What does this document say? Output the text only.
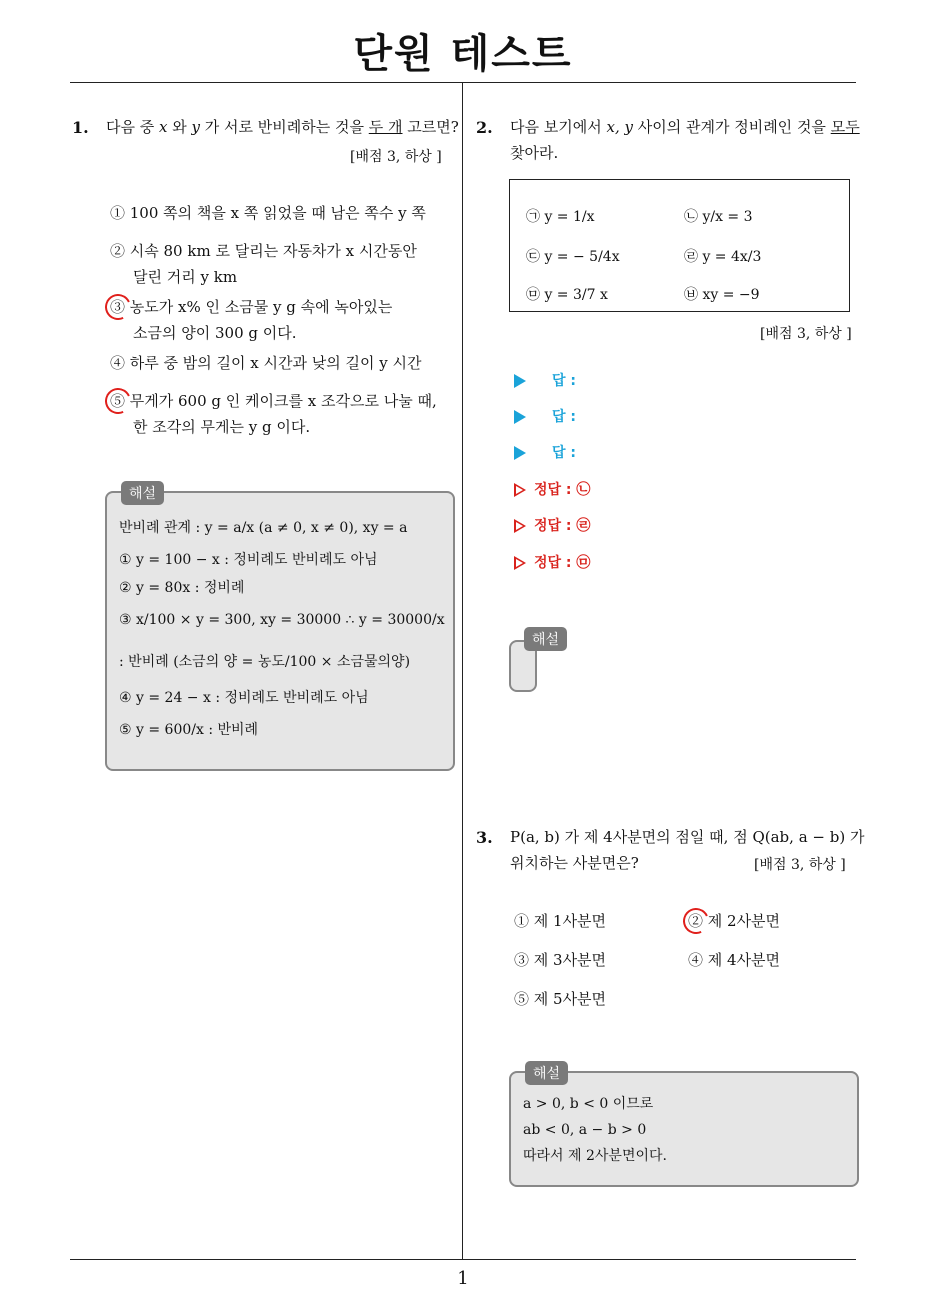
단원 테스트
1
1. 다음 중 x 와 y 가 서로 반비례하는 것을 두 개 고르면?
[배점 3, 하상 ]
① 100 쪽의 책을 x 쪽 읽었을 때 남은 쪽수 y 쪽
② 시속 80 km 로 달리는 자동차가 x 시간동안
달린 거리 y km
③ 농도가 x% 인 소금물 y g 속에 녹아있는
소금의 양이 300 g 이다.
④ 하루 중 밤의 길이 x 시간과 낮의 길이 y 시간
⑤ 무게가 600 g 인 케이크를 x 조각으로 나눌 때,
한 조각의 무게는 y g 이다.
해설
반비례 관계 : y = a/x (a ≠ 0, x ≠ 0), xy = a
① y = 100 − x : 정비례도 반비례도 아님
② y = 80x : 정비례
③ x/100 × y = 300, xy = 30000 ∴ y = 30000/x
: 반비례 (소금의 양 = 농도/100 × 소금물의양)
④ y = 24 − x : 정비례도 반비례도 아님
⑤ y = 600/x : 반비례
2. 다음 보기에서 x, y 사이의 관계가 정비례인 것을 모두
찾아라.
㉠ y = 1/x	㉡ y/x = 3
㉢ y = − 5/4x	㉣ y = 4x/3
㉤ y = 3/7 x	㉥ xy = −9
[배점 3, 하상 ]
답 :
답 :
답 :
정답 : ㉡
정답 : ㉣
정답 : ㉤
해설
3. P(a, b) 가 제 4사분면의 점일 때, 점 Q(ab, a − b) 가
위치하는 사분면은?	[배점 3, 하상 ]
① 제 1사분면	② 제 2사분면
③ 제 3사분면	④ 제 4사분면
⑤ 제 5사분면
해설
a > 0, b < 0 이므로
ab < 0, a − b > 0
따라서 제 2사분면이다.
